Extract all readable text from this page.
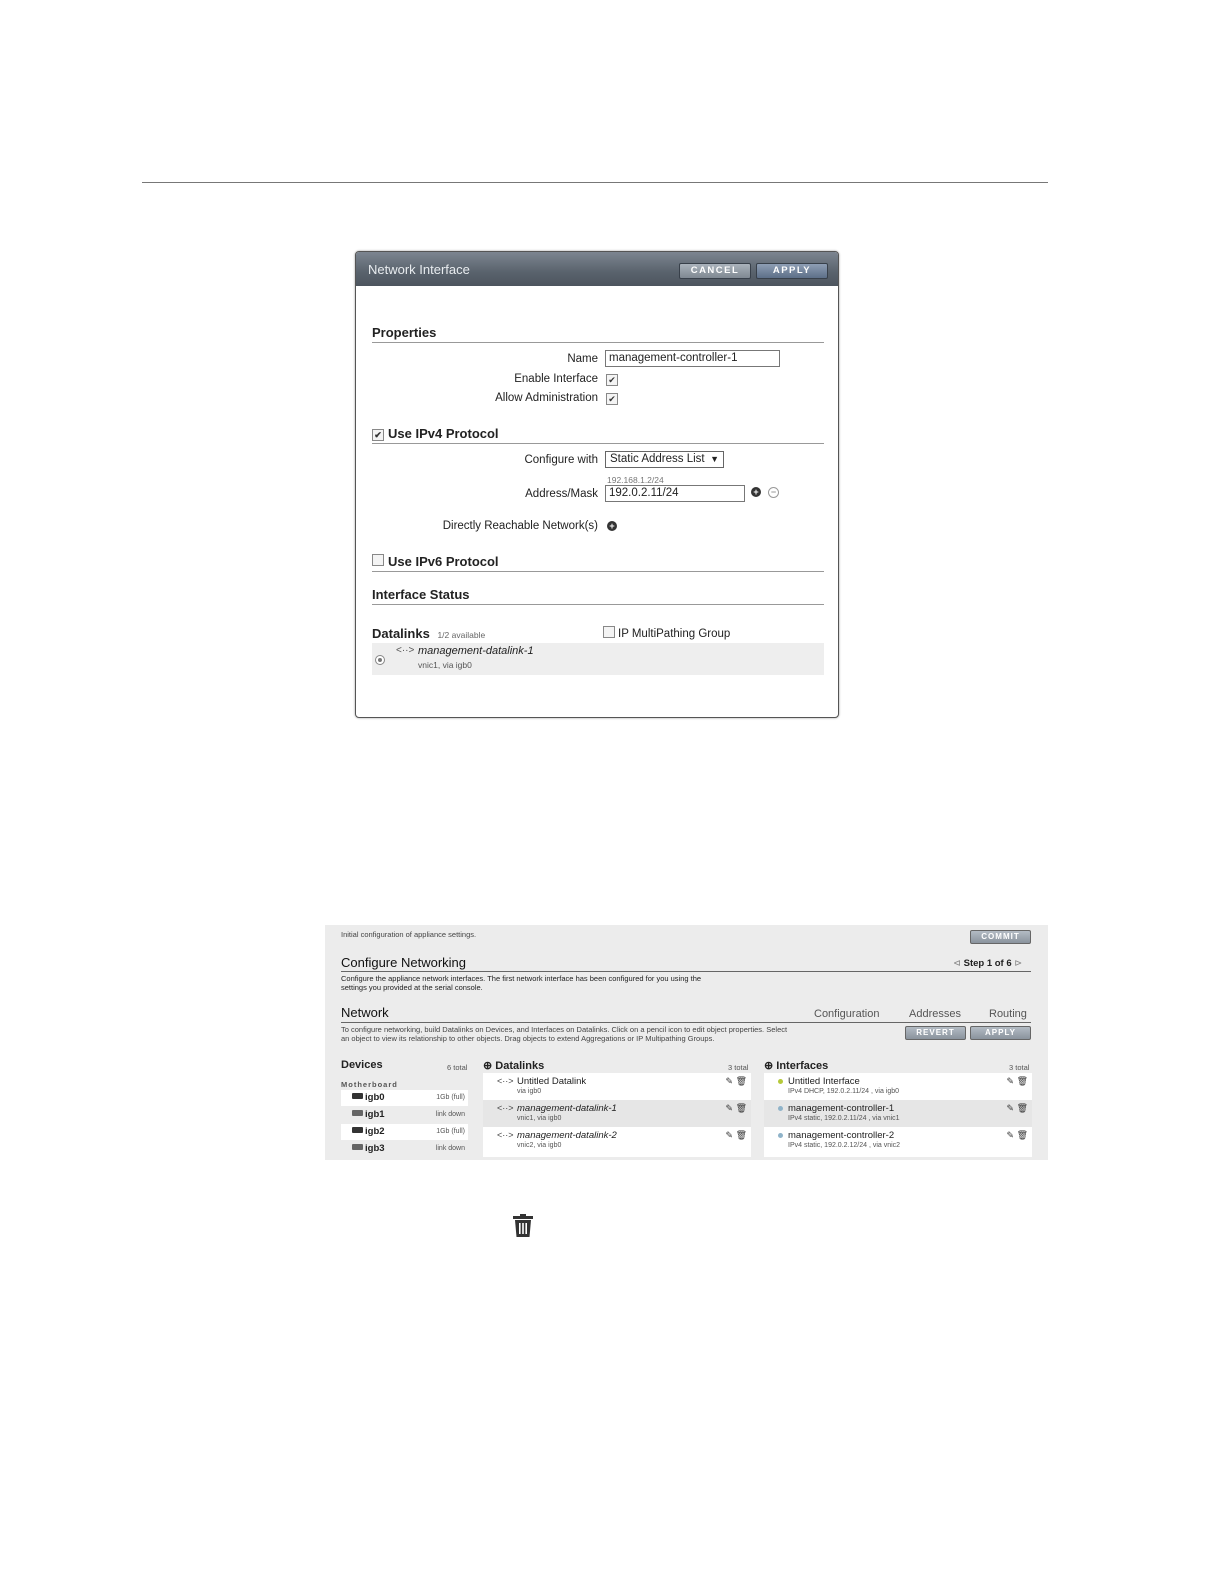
Network Interface	CANCEL	APPLY
Properties
Name management-controller-1
Enable Interface ✔
Allow Administration ✔
✔ Use IPv4 Protocol
Configure with	Static Address List ▼
192.168.1.2/24
Address/Mask 192.0.2.11/24	+	−
Directly Reachable Network(s) +
Use IPv6 Protocol
Interface Status
Datalinks 1/2 available	IP MultiPathing Group
<··> management-datalink-1
vnic1, via igb0
Initial configuration of appliance settings.	COMMIT
Configure Networking	⊲ Step 1 of 6 ⊳
Configure the appliance network interfaces. The first network interface has been configured for you using the
settings you provided at the serial console.
Network	Configuration	Addresses	Routing
To configure networking, build Datalinks on Devices, and Interfaces on Datalinks. Click on a pencil icon to edit object properties. Select
an object to view its relationship to other objects. Drag objects to extend Aggregations or IP Multipathing Groups.
REVERT	APPLY
Devices	6 total
Motherboard
igb0	1Gb (full)
igb1	link down
igb2	1Gb (full)
igb3	link down
⊕ Datalinks	3 total
<··> Untitled Datalink
via igb0
✎ 🗑
<··> management-datalink-1
vnic1, via igb0
✎ 🗑
<··> management-datalink-2
vnic2, via igb0
✎ 🗑
⊕ Interfaces	3 total
Untitled Interface
IPv4 DHCP, 192.0.2.11/24 , via igb0
✎ 🗑
management-controller-1
IPv4 static, 192.0.2.11/24 , via vnic1
✎ 🗑
management-controller-2
IPv4 static, 192.0.2.12/24 , via vnic2
✎ 🗑
